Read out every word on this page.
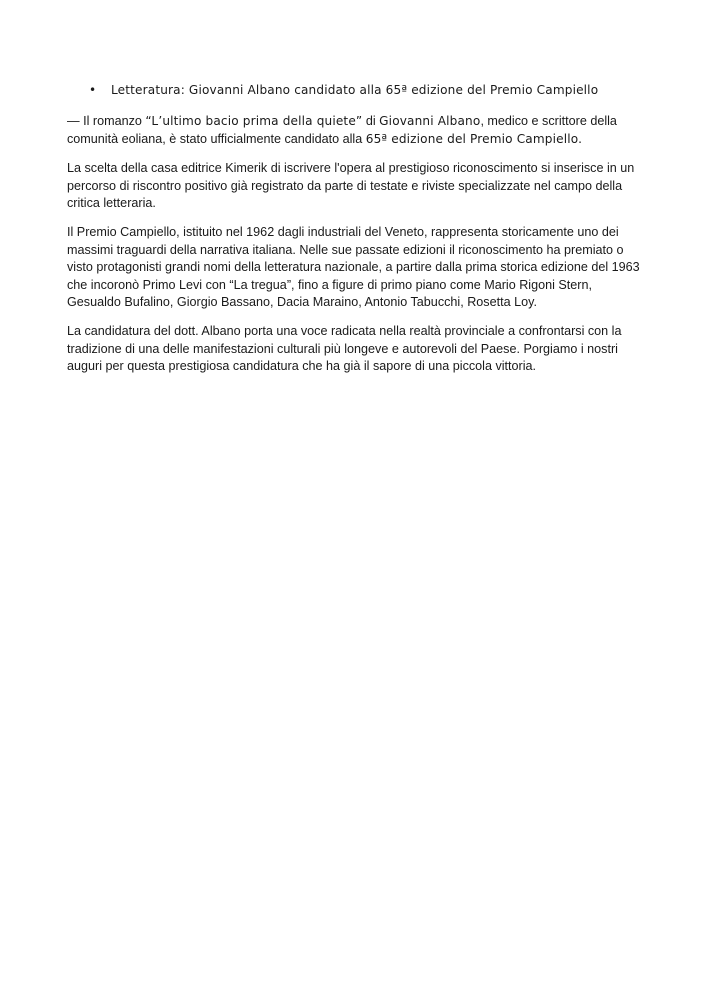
• Letteratura: Giovanni Albano candidato alla 65ª edizione del Premio Campiello

— Il romanzo “L’ultimo bacio prima della quiete” di Giovanni Albano, medico e scrittore della comunità eoliana, è stato ufficialmente candidato alla 65ª edizione del Premio Campiello.

La scelta della casa editrice Kimerik di iscrivere l'opera al prestigioso riconoscimento si inserisce in un percorso di riscontro positivo già registrato da parte di testate e riviste specializzate nel campo della critica letteraria.

Il Premio Campiello, istituito nel 1962 dagli industriali del Veneto, rappresenta storicamente uno dei massimi traguardi della narrativa italiana. Nelle sue passate edizioni il riconoscimento ha premiato o visto protagonisti grandi nomi della letteratura nazionale, a partire dalla prima storica edizione del 1963 che incoronò Primo Levi con “La tregua”, fino a figure di primo piano come Mario Rigoni Stern, Gesualdo Bufalino, Giorgio Bassano, Dacia Maraino, Antonio Tabucchi, Rosetta Loy.

La candidatura del dott. Albano porta una voce radicata nella realtà provinciale a confrontarsi con la tradizione di una delle manifestazioni culturali più longeve e autorevoli del Paese. Porgiamo i nostri auguri per questa prestigiosa candidatura che ha già il sapore di una piccola vittoria.
